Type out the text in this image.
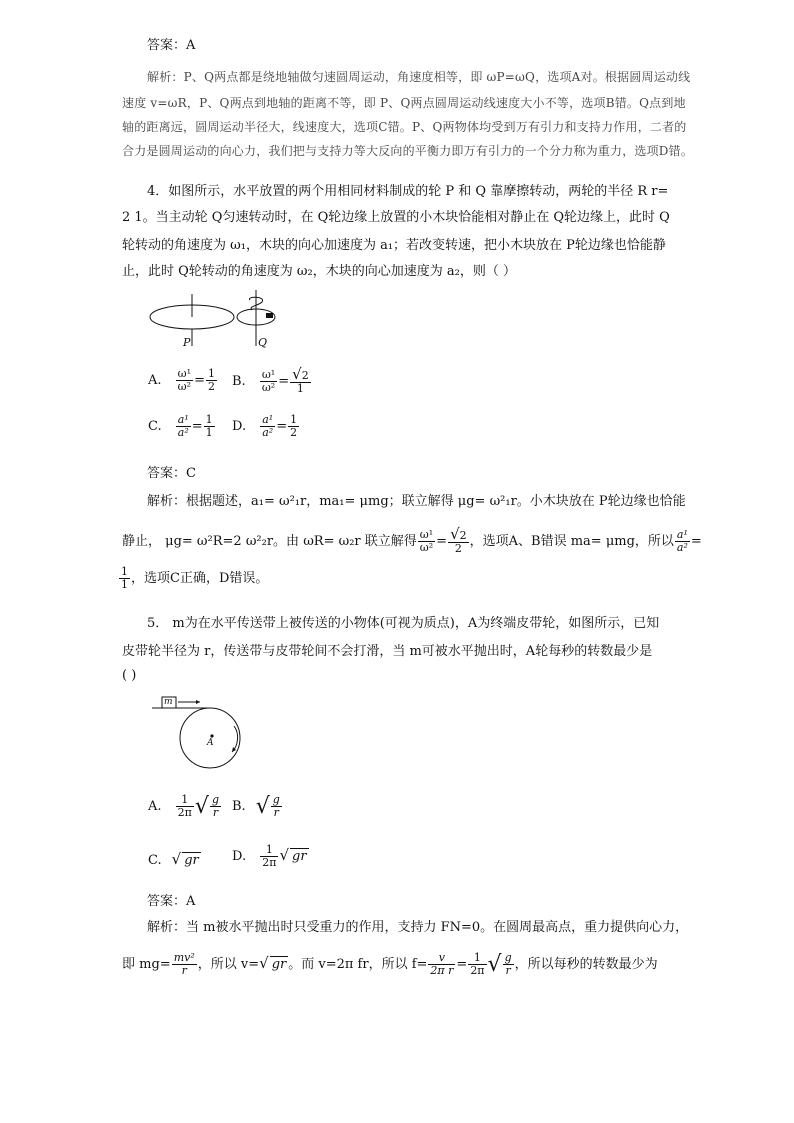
答案：A
解析：P、Q两点都是绕地轴做匀速圆周运动，角速度相等，即 ωP=ωQ，选项A对。根据圆周运动线
速度 v=ωR，P、Q两点到地轴的距离不等，即 P、Q两点圆周运动线速度大小不等，选项B错。Q点到地
轴的距离远，圆周运动半径大，线速度大，选项C错。P、Q两物体均受到万有引力和支持力作用，二者的
合力是圆周运动的向心力，我们把与支持力等大反向的平衡力即万有引力的一个分力称为重力，选项D错。
4．如图所示，水平放置的两个用相同材料制成的轮 P 和 Q 靠摩擦转动，两轮的半径 R r=
2 1。当主动轮 Q匀速转动时，在 Q轮边缘上放置的小木块恰能相对静止在 Q轮边缘上，此时 Q
轮转动的角速度为 ω₁，木块的向心加速度为 a₁；若改变转速，把小木块放在 P轮边缘也恰能静
止，此时 Q轮转动的角速度为 ω₂，木块的向心加速度为 a₂，则（ ）
P	Q
A. $\frac{\text{ω¹}}{\text{ω²}} = \frac{1}{2} B$. $\frac{\text{ω¹}}{\text{ω²}} = \frac{√2}{1}$
C. $\frac{\text{a¹}}{\text{a²}} = \frac{1}{1} D$. $\frac{\text{a¹}}{\text{a²}} = \frac{1}{2}$
答案：C
解析：根据题述，a₁= ω²₁r，ma₁= μmg；联立解得 μg= ω²₁r。小木块放在 P轮边缘也恰能
静止， μg= ω²R=2 ω²₂r。由 ωR= ω₂r 联立解得 $\frac{\text{ω¹}}{\text{ω²}} = \frac{√2}{2}$ ，选项A、B错误 ma= μmg，所以 $\frac{\text{a¹}}{\text{a²}}$ =
$\frac{1}{1}$ ，选项C正确，D错误。
5． m为在水平传送带上被传送的小物体(可视为质点)，A为终端皮带轮，如图所示，已知
皮带轮半径为 r，传送带与皮带轮间不会打滑，当 m可被水平抛出时，A轮每秒的转数最少是
( )
m
A
A. $\frac{1}{2\pi}$ √ $\frac{g}{r} B$. √ $\frac{g}{r}$
C. √ gr	D. $\frac{1}{2\pi}$ √ gr
答案：A
解析：当 m被水平抛出时只受重力的作用，支持力 FN=0。在圆周最高点，重力提供向心力，
即 $mg= \frac{\text{mv²}}{r}$ ，所以 v=√ gr 。而 v=2π fr，所以 $f= \frac{v}{\text{2π r}} = \frac{1}{2\pi}$ √ $\frac{g}{r}$ ，所以每秒的转数最少为
